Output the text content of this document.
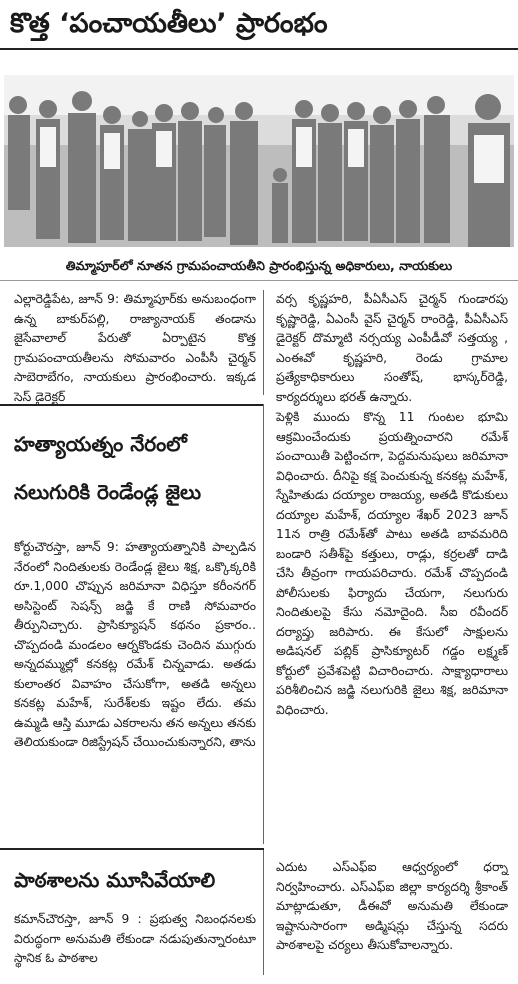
కొత్త ‘పంచాయతీలు’ ప్రారంభం
తిమ్మాపూర్‌లో నూతన గ్రామపంచాయతీని ప్రారంభిస్తున్న అధికారులు, నాయకులు
ఎల్లారెడ్డిపేట, జూన్ 9: తిమ్మాపూర్‌కు అనుబంధంగా ఉన్న బాకుర్‌పల్లి, రాజ్యానాయక్ తండాను జైసేవాలాల్ పేరుతో ఏర్పాటైన కొత్త గ్రామపంచాయతీలను సోమవారం ఎంపీసీ చైర్మన్ సాబెరాబేగం, నాయకులు ప్రారంభించారు. ఇక్కడ సెస్ డైరెక్టర్
వర్స కృష్ణహరి, పీఏసీఎస్ చైర్మన్ గుండారపు కృష్ణారెడ్డి, ఏఎంసీ వైస్ చైర్మన్ రాంరెడ్డి, పీఏసీఎస్ డైరెక్టర్ దొమ్మాటి నర్సయ్య ఎంపీడీవో సత్తయ్య , ఎంఈవో కృష్ణహరి, రెండు గ్రామాల ప్రత్యేకాధికారులు సంతోష్, భాస్కర్‌రెడ్డి, కార్యదర్శులు భరత్ ఉన్నారు.
హత్యాయత్నం నేరంలో
నలుగురికి రెండేండ్ల జైలు
కోర్టుచౌరస్తా, జూన్ 9: హత్యాయత్నానికి పాల్పడిన నేరంలో నిందితులకు రెండేండ్ల జైలు శిక్ష, ఒక్కొక్కరికి రూ.1,000 చొప్పున జరిమానా విధిస్తూ కరీంనగర్ అసిస్టెంట్ సెషన్స్ జడ్జి కే రాణి సోమవారం తీర్పునిచ్చారు. ప్రాసిక్యూషన్ కథనం ప్రకారం.. చొప్పదండి మండలం ఆర్నకొండకు చెందిన ముగ్గురు అన్నదమ్ముల్లో కనకట్ల రమేశ్ చిన్నవాడు. అతడు కులాంతర వివాహం చేసుకోగా, అతడి అన్నలు కనకట్ల మహేశ్, సురేశ్‌లకు ఇష్టం లేదు. తమ ఉమ్మడి ఆస్తి మూడు ఎకరాలను తన అన్నలు తనకు తెలియకుండా రిజిస్ట్రేషన్ చేయించుకున్నారని, తాను
పెళ్లికి ముందు కొన్న 11 గుంటల భూమి ఆక్రమించేందుకు ప్రయత్నించారని రమేశ్ పంచాయితీ పెట్టించగా, పెద్దమనుషులు జరిమానా విధించారు. దీనిపై కక్ష పెంచుకున్న కనకట్ల మహేశ్, స్నేహితుడు దయ్యాల రాజయ్య, అతడి కొడుకులు దయ్యాల మహేశ్, దయ్యాల శేఖర్ 2023 జూన్ 11న రాత్రి రమేశ్‌తో పాటు అతడి బావమరిది బండారి సతీశ్‌పై కత్తులు, రాడ్లు, కర్రలతో దాడి చేసి తీవ్రంగా గాయపరిచారు. రమేశ్ చొప్పదండి పోలీసులకు ఫిర్యాదు చేయగా, నలుగురు నిందితులపై కేసు నమోదైంది. సీఐ రవీందర్ దర్యాప్తు జరిపారు. ఈ కేసులో సాక్షులను అడిషనల్ పబ్లిక్ ప్రాసిక్యూటర్ గడ్డం లక్ష్మణ్ కోర్టులో ప్రవేశపెట్టి విచారించారు. సాక్ష్యాధారాలు పరిశీలించిన జడ్జి నలుగురికి జైలు శిక్ష, జరిమానా విధించారు.
పాఠశాలను మూసివేయాలి
కమాన్‌చౌరస్తా, జూన్ 9 : ప్రభుత్వ నిబంధనలకు విరుద్ధంగా అనుమతి లేకుండా నడుపుతున్నారంటూ స్థానిక ఓ పాఠశాల
ఎదుట ఎస్ఎఫ్ఐ ఆధ్వర్యంలో ధర్నా నిర్వహించారు. ఎస్ఎఫ్ఐ జిల్లా కార్యదర్శి శ్రీకాంత్ మాట్లాడుతూ, డీఈవో అనుమతి లేకుండా ఇష్టానుసారంగా అడ్మిషన్లు చేస్తున్న సదరు పాఠశాలపై చర్యలు తీసుకోవాలన్నారు.
